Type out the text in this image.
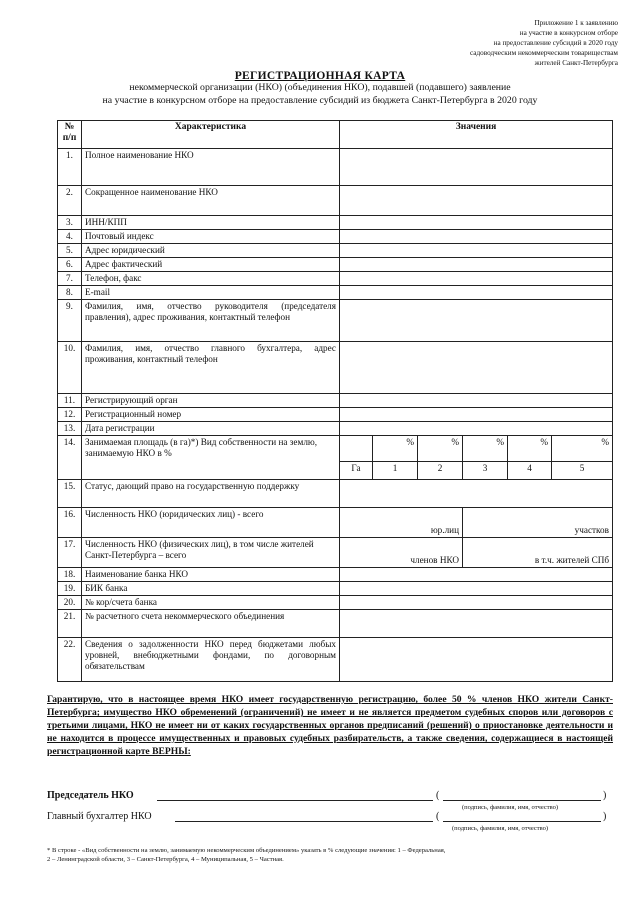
Приложение 1 к заявлению
на участие в конкурсном отборе
на предоставление субсидий в 2020 году
садоводческим некоммерческим товариществам
жителей Санкт-Петербурга
РЕГИСТРАЦИОННАЯ КАРТА
некоммерческой организации (НКО) (объединения НКО), подавшей (подавшего) заявление
на участие в конкурсном отборе на предоставление субсидий из бюджета Санкт-Петербурга в 2020 году
№ п/п	Характеристика	Значения					
1.	Полное наименование НКО						
2.	Сокращенное наименование НКО						
3.	ИНН/КПП						
4.	Почтовый индекс						
5.	Адрес юридический						
6.	Адрес фактический						
7.	Телефон, факс						
8.	E-mail						
9.	Фамилия, имя, отчество руководителя (председателя правления), адрес проживания, контактный телефон						
10.	Фамилия, имя, отчество главного бухгалтера, адрес проживания, контактный телефон						
11.	Регистрирующий орган						
12.	Регистрационный номер						
13.	Дата регистрации						
14.	Занимаемая площадь (в га)*) Вид собственности на землю, занимаемую НКО в %		%	%	%	%	%
		Га	1	2	3	4	5
15.	Статус, дающий право на государственную поддержку						
16.	Численность НКО (юридических лиц) - всего	юр.лиц			участков		
17.	Численность НКО (физических лиц), в том числе жителей Санкт-Петербурга – всего	членов НКО			в т.ч. жителей СПб		
18.	Наименование банка НКО						
19.	БИК банка						
20.	№ кор/счета банка						
21.	№ расчетного счета некоммерческого объединения						
22.	Сведения о задолженности НКО перед бюджетами любых уровней, внебюджетными фондами, по договорным обязательствам						
Гарантирую, что в настоящее время НКО имеет государственную регистрацию, более 50 % членов НКО жители Санкт-Петербурга; имущество НКО обременений (ограничений) не имеет и не является предметом судебных споров или договоров с третьими лицами, НКО не имеет ни от каких государственных органов предписаний (решений) о приостановке деятельности и не находится в процессе имущественных и правовых судебных разбирательств, а также сведения, содержащиеся в настоящей регистрационной карте ВЕРНЫ:
Председатель НКО	(	)
(подпись, фамилия, имя, отчество)
Главный бухгалтер НКО	(	)
(подпись, фамилия, имя, отчество)
* В строке - «Вид собственности на землю, занимаемую некоммерческим объединением» указать в % следующие значения: 1 – Федеральная,
2 – Ленинградской области, 3 – Санкт-Петербурга, 4 – Муниципальная, 5 – Частная.
